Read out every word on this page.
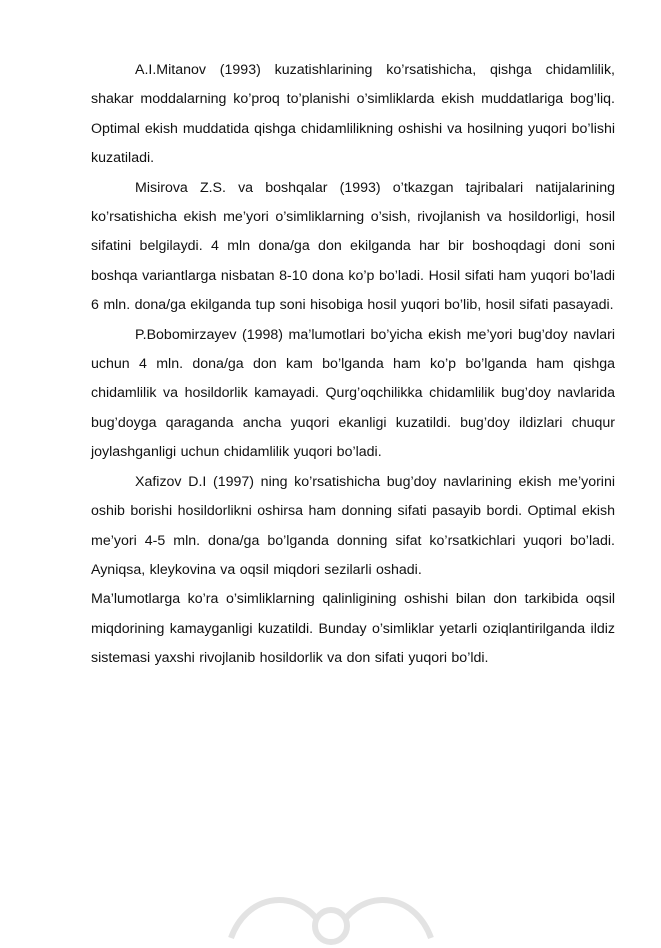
A.I.Mitanov (1993) kuzatishlarining ko’rsatishicha, qishga chidamlilik, shakar moddalarning ko’proq to’planishi o’simliklarda ekish muddatlariga bog’liq. Optimal ekish muddatida qishga chidamlilikning oshishi va hosilning yuqori bo’lishi kuzatiladi.

Misirova Z.S. va boshqalar (1993) o’tkazgan tajribalari natijalarining ko’rsatishicha ekish me’yori o’simliklarning o’sish, rivojlanish va hosildorligi, hosil sifatini belgilaydi. 4 mln dona/ga don ekilganda har bir boshoqdagi doni soni boshqa variantlarga nisbatan 8-10 dona ko’p bo’ladi. Hosil sifati ham yuqori bo’ladi 6 mln. dona/ga ekilganda tup soni hisobiga hosil yuqori bo’lib, hosil sifati pasayadi.

P.Bobomirzayev (1998) ma’lumotlari bo’yicha ekish me’yori bug’doy navlari uchun 4 mln. dona/ga don kam bo’lganda ham ko’p bo’lganda ham qishga chidamlilik va hosildorlik kamayadi. Qurg’oqchilikka chidamlilik bug’doy navlarida bug’doyga qaraganda ancha yuqori ekanligi kuzatildi. bug’doy ildizlari chuqur joylashganligi uchun chidamlilik yuqori bo’ladi.

Xafizov D.I (1997) ning ko’rsatishicha bug’doy navlarining ekish me’yorini oshib borishi hosildorlikni oshirsa ham donning sifati pasayib bordi. Optimal ekish me’yori 4-5 mln. dona/ga bo’lganda donning sifat ko’rsatkichlari yuqori bo’ladi. Ayniqsa, kleykovina va oqsil miqdori sezilarli oshadi.

Ma’lumotlarga ko’ra o’simliklarning qalinligining oshishi bilan don tarkibida oqsil miqdorining kamayganligi kuzatildi. Bunday o’simliklar yetarli oziqlantirilganda ildiz sistemasi yaxshi rivojlanib hosildorlik va don sifati yuqori bo’ldi.
